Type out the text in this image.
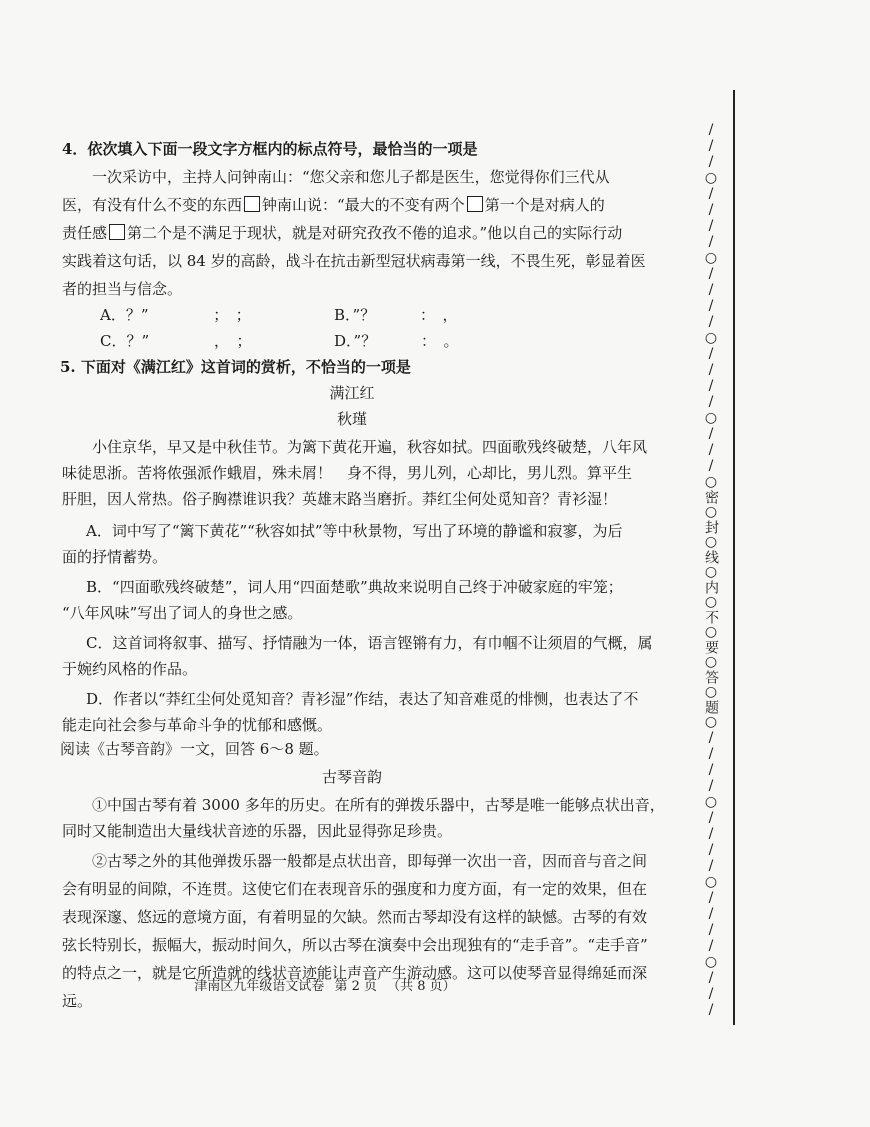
4．依次填入下面一段文字方框内的标点符号，最恰当的一项是
一次采访中，主持人问钟南山：“您父亲和您儿子都是医生，您觉得你们三代从
医，有没有什么不变的东西 钟南山说：“最大的不变有两个 第一个是对病人的
责任感 第二个是不满足于现状，就是对研究孜孜不倦的追求。”他以自己的实际行动
实践着这句话，以 84 岁的高龄，战斗在抗击新型冠状病毒第一线，不畏生死，彰显着医
者的担当与信念。
A．？”	；　；	B．”？	：　，
C．？”	，　；	D．”？	：　。
5. 下面对《满江红》这首词的赏析，不恰当的一项是
满江红
秋瑾
小住京华，早又是中秋佳节。为篱下黄花开遍，秋容如拭。四面歌残终破楚，八年风
味徒思浙。苦将侬强派作蛾眉，殊未屑！　身不得，男儿列，心却比，男儿烈。算平生
肝胆，因人常热。俗子胸襟谁识我？英雄末路当磨折。莽红尘何处觅知音？青衫湿！
A．词中写了“篱下黄花”“秋容如拭”等中秋景物，写出了环境的静谧和寂寥，为后
面的抒情蓄势。
B．“四面歌残终破楚”，词人用“四面楚歌”典故来说明自己终于冲破家庭的牢笼；
“八年风味”写出了词人的身世之感。
C．这首词将叙事、描写、抒情融为一体，语言铿锵有力，有巾帼不让须眉的气概，属
于婉约风格的作品。
D．作者以“莽红尘何处觅知音？青衫湿”作结，表达了知音难觅的悱恻，也表达了不
能走向社会参与革命斗争的忧郁和感慨。
阅读《古琴音韵》一文，回答 6～8 题。
古琴音韵
①中国古琴有着 3000 多年的历史。在所有的弹拨乐器中，古琴是唯一能够点状出音，
同时又能制造出大量线状音迹的乐器，因此显得弥足珍贵。
②古琴之外的其他弹拨乐器一般都是点状出音，即每弹一次出一音，因而音与音之间
会有明显的间隙，不连贯。这使它们在表现音乐的强度和力度方面，有一定的效果，但在
表现深邃、悠远的意境方面，有着明显的欠缺。然而古琴却没有这样的缺憾。古琴的有效
弦长特别长，振幅大，振动时间久，所以古琴在演奏中会出现独有的“走手音”。“走手音”
的特点之一，就是它所造就的线状音迹能让声音产生游动感。这可以使琴音显得绵延而深
远。
津南区九年级语文试卷 第 2 页 （共 8 页）	///○////○////○////○///○密○封○线○内○不○要○答○题○////○////○////○///
